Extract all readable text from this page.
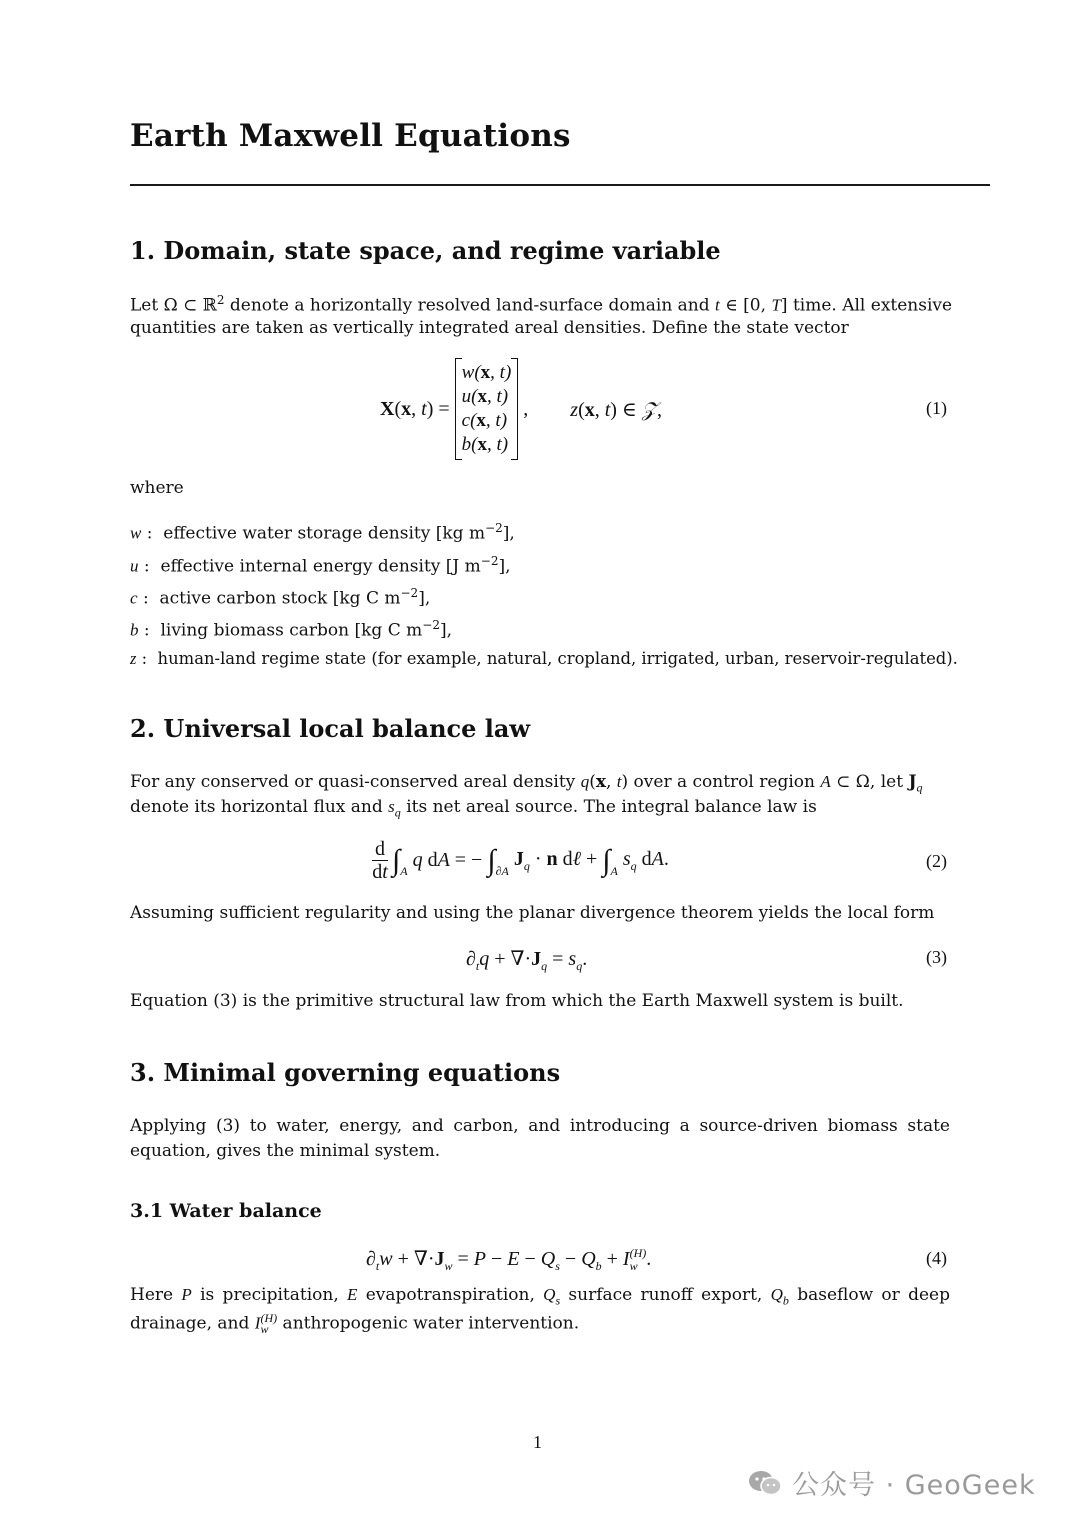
Earth Maxwell Equations
1. Domain, state space, and regime variable
Let Ω ⊂ ℝ$^2$ denote a horizontally resolved land-surface domain and t ∈ [0, T] time. All extensive
quantities are taken as vertically integrated areal densities. Define the state vector
X(x, t) =
w(x, t)
u(x, t)
c(x, t)
b(x, t)
, z(x, t) ∈ 𝒵,	(1)
where
w :  effective water storage density [kg $m^{-2}$],
u :  effective internal energy density [J $m^{-2}$],
c :  active carbon stock [kg C $m^{-2}$],
b :  living biomass carbon [kg C $m^{-2}$],
z :  human-land regime state (for example, natural, cropland, irrigated, urban, reservoir-regulated).
2. Universal local balance law
For any conserved or quasi-conserved areal density q(x, t) over a control region A ⊂ Ω, let $J_q$
denote its horizontal flux and $s_q$ its net areal source. The integral balance law is
$\frac{d}{dt} \int_A$ q dA = − $\int_{\partial A}$
$J_q \cdot n$ dℓ + $\int_A$
$s_q$ dA.	(2)
Assuming sufficient regularity and using the planar divergence theorem yields the local form
$\partial_tq + \nabla\cdot J_q = s_q$.	(3)
Equation (3) is the primitive structural law from which the Earth Maxwell system is built.
3. Minimal governing equations
Applying (3) to water, energy, and carbon, and introducing a source-driven biomass state
equation, gives the minimal system.
3.1 Water balance
$\partial_tw + \nabla\cdot J_w = P - E - Q_s - Q_b + I_w^{(H)}$.	(4)
Here P is precipitation, E evapotranspiration, $Q_s$ surface runoff export, $Q_b$ baseflow or deep
drainage, and $I_w^{(H)}$ anthropogenic water intervention.
1
公众号 · GeoGeek
